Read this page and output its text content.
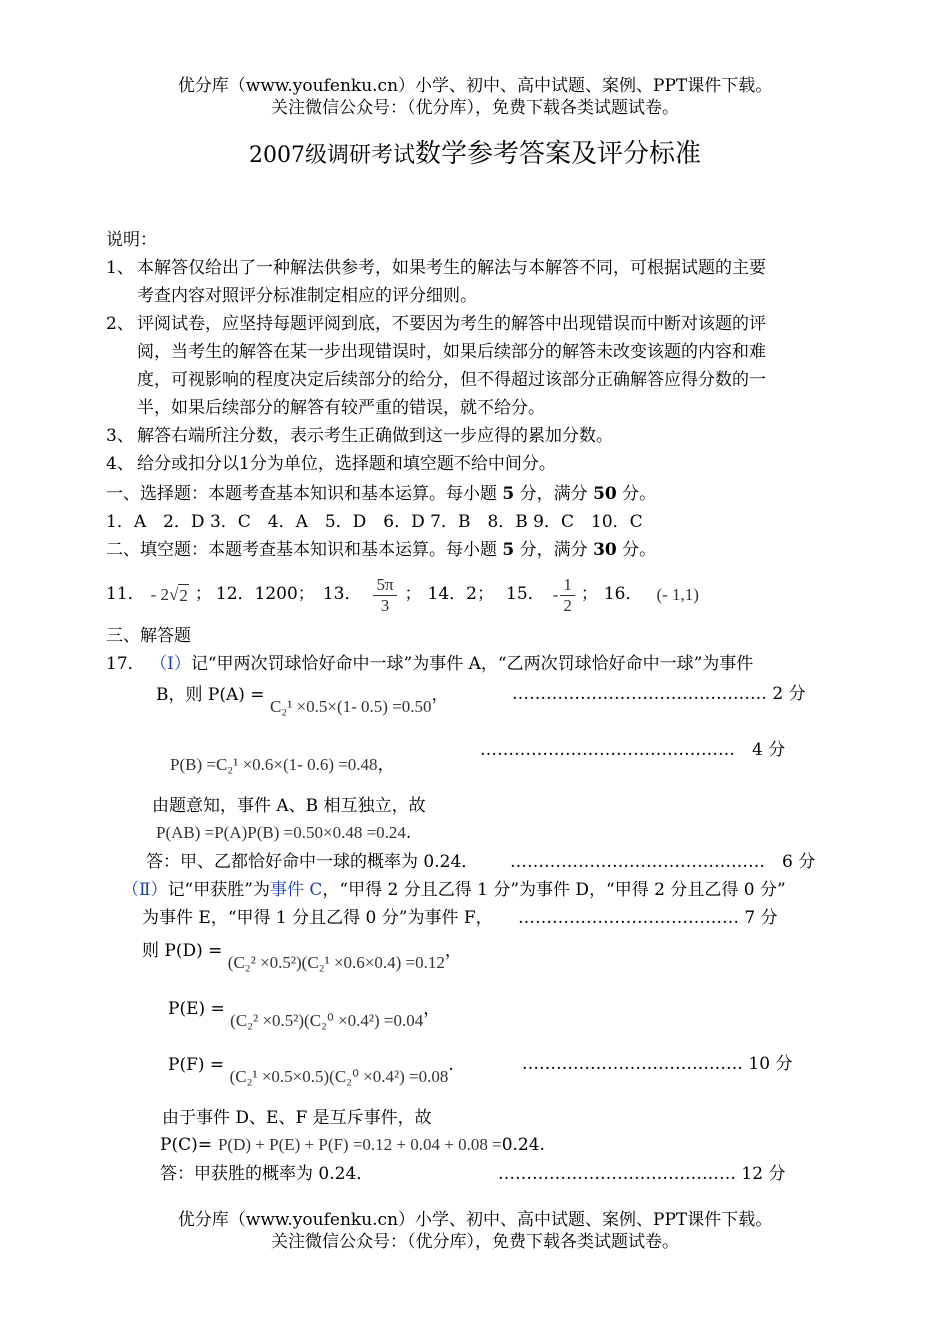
优分库（www.youfenku.cn）小学、初中、高中试题、案例、PPT课件下载。
关注微信公众号：（优分库），免费下载各类试题试卷。
2007级调研考试数学参考答案及评分标准
说明：
1、 本解答仅给出了一种解法供参考，如果考生的解法与本解答不同，可根据试题的主要
考查内容对照评分标准制定相应的评分细则。
2、 评阅试卷，应坚持每题评阅到底，不要因为考生的解答中出现错误而中断对该题的评
阅，当考生的解答在某一步出现错误时，如果后续部分的解答未改变该题的内容和难
度，可视影响的程度决定后续部分的给分，但不得超过该部分正确解答应得分数的一
半，如果后续部分的解答有较严重的错误，就不给分。
3、 解答右端所注分数，表示考生正确做到这一步应得的累加分数。
4、 给分或扣分以1分为单位，选择题和填空题不给中间分。
一、选择题：本题考查基本知识和基本运算。每小题 5 分，满分 50 分。
1．A　2．D 3．C　4．A　5．D　6．D 7．B　8．B 9．C　10．C
二、填空题：本题考查基本知识和基本运算。每小题 5 分，满分 30 分。
11． - 2 √ 2 ； 12．1200； 13． $\frac{5\pi}{3}$ ； 14．2； 15． - $\frac{1}{2}$ ； 16． (- 1,1)
三、解答题
17． （Ⅰ）记“甲两次罚球恰好命中一球”为事件 A，“乙两次罚球恰好命中一球”为事件
B，则 P(A) = C₂¹ ×0.5×(1- 0.5) =0.50，	……………………………………… 2 分
P(B) =C₂¹ ×0.6×(1- 0.6) =0.48，
………………………………………　4 分
由题意知，事件 A、B 相互独立，故
P(AB) =P(A)P(B) =0.50×0.48 =0.24.
答：甲、乙都恰好命中一球的概率为 0.24． ………………………………………　6 分
（Ⅱ）记“甲获胜”为事件 C，“甲得 2 分且乙得 1 分”为事件 D，“甲得 2 分且乙得 0 分”
为事件 E，“甲得 1 分且乙得 0 分”为事件 F， ………………………………… 7 分
则 P(D) = (C₂² ×0.5²)(C₂¹ ×0.6×0.4) =0.12，
P(E) = (C₂² ×0.5²)(C₂⁰ ×0.4²) =0.04，
P(F) = (C₂¹ ×0.5×0.5)(C₂⁰ ×0.4²) =0.08.	………………………………… 10 分
由于事件 D、E、F 是互斥事件，故
P(C)= P(D) + P(E) + P(F) =0.12 + 0.04 + 0.08 =0.24.
答：甲获胜的概率为 0.24．	…………………………………… 12 分
优分库（www.youfenku.cn）小学、初中、高中试题、案例、PPT课件下载。
关注微信公众号：（优分库），免费下载各类试题试卷。
